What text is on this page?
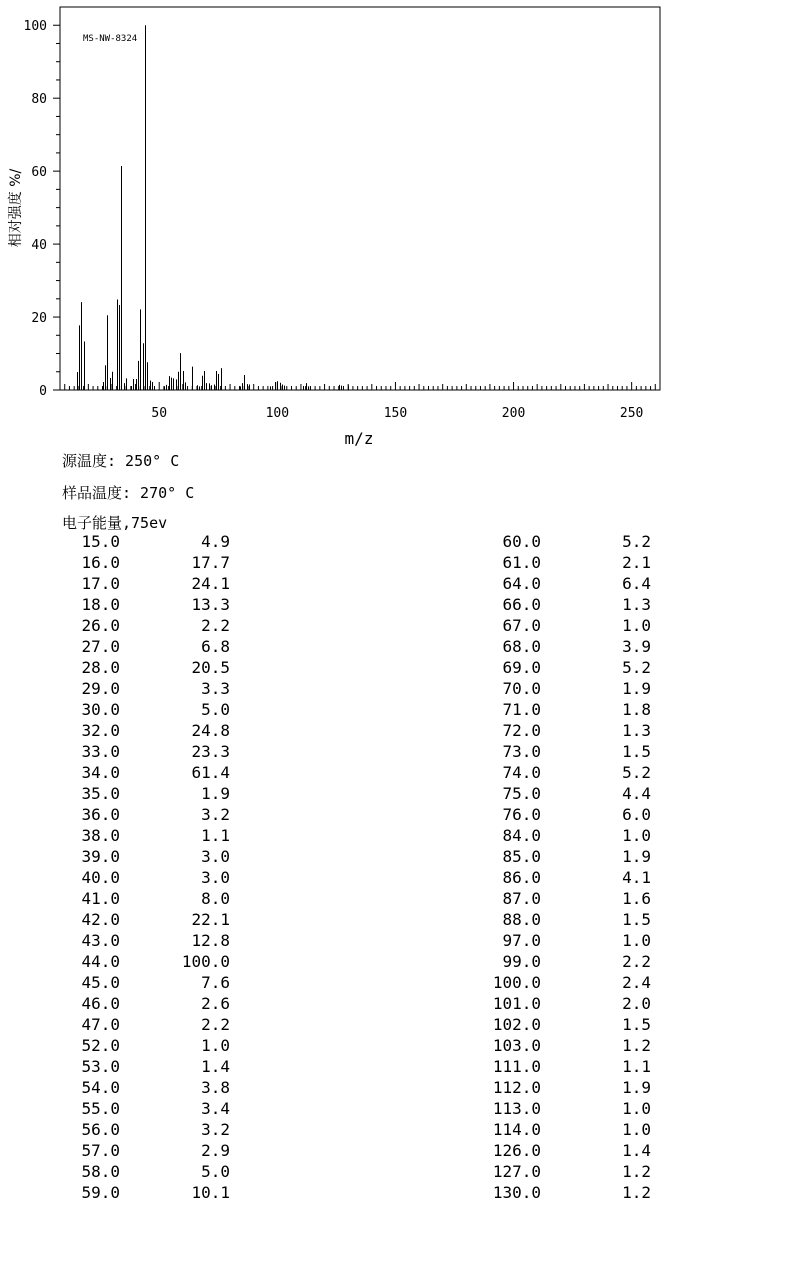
50	100	150	200	250
0
20
40
60
80
100
MS-NW-8324
m/z
相对强度 %/
源温度: 250° C
样品温度: 270° C
电子能量,75ev
15.0	4.9
16.0	17.7
17.0	24.1
18.0	13.3
26.0	2.2
27.0	6.8
28.0	20.5
29.0	3.3
30.0	5.0
32.0	24.8
33.0	23.3
34.0	61.4
35.0	1.9
36.0	3.2
38.0	1.1
39.0	3.0
40.0	3.0
41.0	8.0
42.0	22.1
43.0	12.8
44.0	100.0
45.0	7.6
46.0	2.6
47.0	2.2
52.0	1.0
53.0	1.4
54.0	3.8
55.0	3.4
56.0	3.2
57.0	2.9
58.0	5.0
59.0	10.1
60.0	5.2
61.0	2.1
64.0	6.4
66.0	1.3
67.0	1.0
68.0	3.9
69.0	5.2
70.0	1.9
71.0	1.8
72.0	1.3
73.0	1.5
74.0	5.2
75.0	4.4
76.0	6.0
84.0	1.0
85.0	1.9
86.0	4.1
87.0	1.6
88.0	1.5
97.0	1.0
99.0	2.2
100.0	2.4
101.0	2.0
102.0	1.5
103.0	1.2
111.0	1.1
112.0	1.9
113.0	1.0
114.0	1.0
126.0	1.4
127.0	1.2
130.0	1.2
